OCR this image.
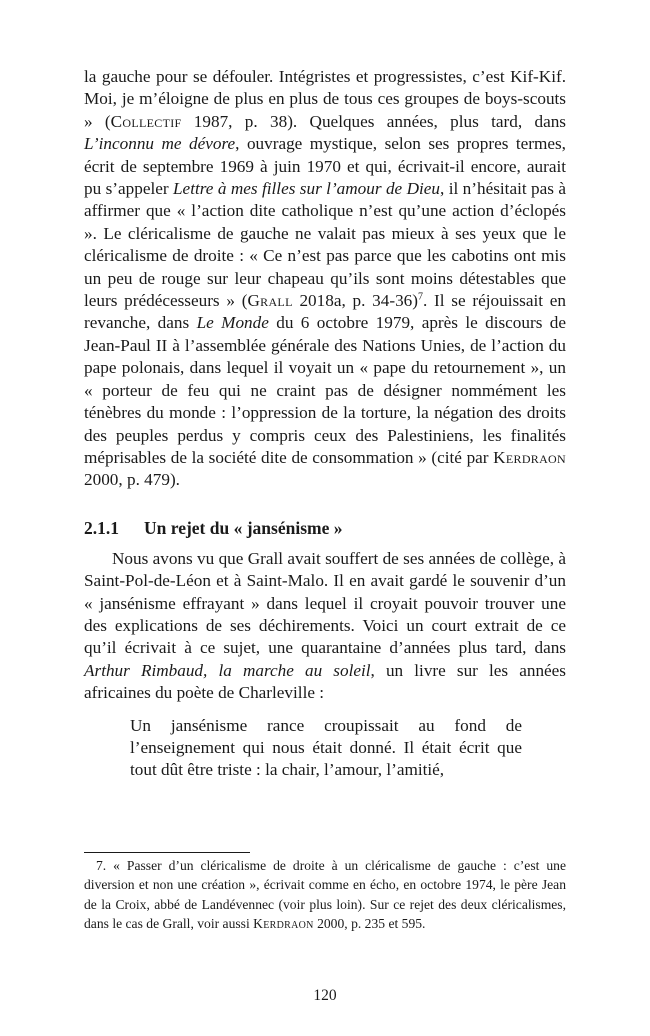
la gauche pour se défouler. Intégristes et progressistes, c’est Kif-Kif. Moi, je m’éloigne de plus en plus de tous ces groupes de boys-scouts » (Collectif 1987, p. 38). Quelques années, plus tard, dans L’inconnu me dévore, ouvrage mystique, selon ses propres termes, écrit de septembre 1969 à juin 1970 et qui, écrivait-il encore, aurait pu s’appeler Lettre à mes filles sur l’amour de Dieu, il n’hésitait pas à affirmer que « l’action dite catholique n’est qu’une action d’éclopés ». Le cléricalisme de gauche ne valait pas mieux à ses yeux que le cléricalisme de droite : « Ce n’est pas parce que les cabotins ont mis un peu de rouge sur leur chapeau qu’ils sont moins détestables que leurs prédécesseurs » (Grall 2018a, p. 34-36)$^7$. Il se réjouissait en revanche, dans Le Monde du 6 octobre 1979, après le discours de Jean-Paul II à l’assemblée générale des Nations Unies, de l’action du pape polonais, dans lequel il voyait un « pape du retournement », un « porteur de feu qui ne craint pas de désigner nommément les ténèbres du monde : l’oppression de la torture, la négation des droits des peuples perdus y compris ceux des Palestiniens, les finalités méprisables de la société dite de consommation » (cité par Kerdraon 2000, p. 479).

2.1.1 Un rejet du « jansénisme »

Nous avons vu que Grall avait souffert de ses années de collège, à Saint-Pol-de-Léon et à Saint-Malo. Il en avait gardé le souvenir d’un « jansénisme effrayant » dans lequel il croyait pouvoir trouver une des explications de ses déchirements. Voici un court extrait de ce qu’il écrivait à ce sujet, une quarantaine d’années plus tard, dans Arthur Rimbaud, la marche au soleil, un livre sur les années africaines du poète de Charleville :

Un jansénisme rance croupissait au fond de l’enseignement qui nous était donné. Il était écrit que tout dût être triste : la chair, l’amour, l’amitié,

7. « Passer d’un cléricalisme de droite à un cléricalisme de gauche : c’est une diversion et non une création », écrivait comme en écho, en octobre 1974, le père Jean de la Croix, abbé de Landévennec (voir plus loin). Sur ce rejet des deux cléricalismes, dans le cas de Grall, voir aussi Kerdraon 2000, p. 235 et 595.

120
